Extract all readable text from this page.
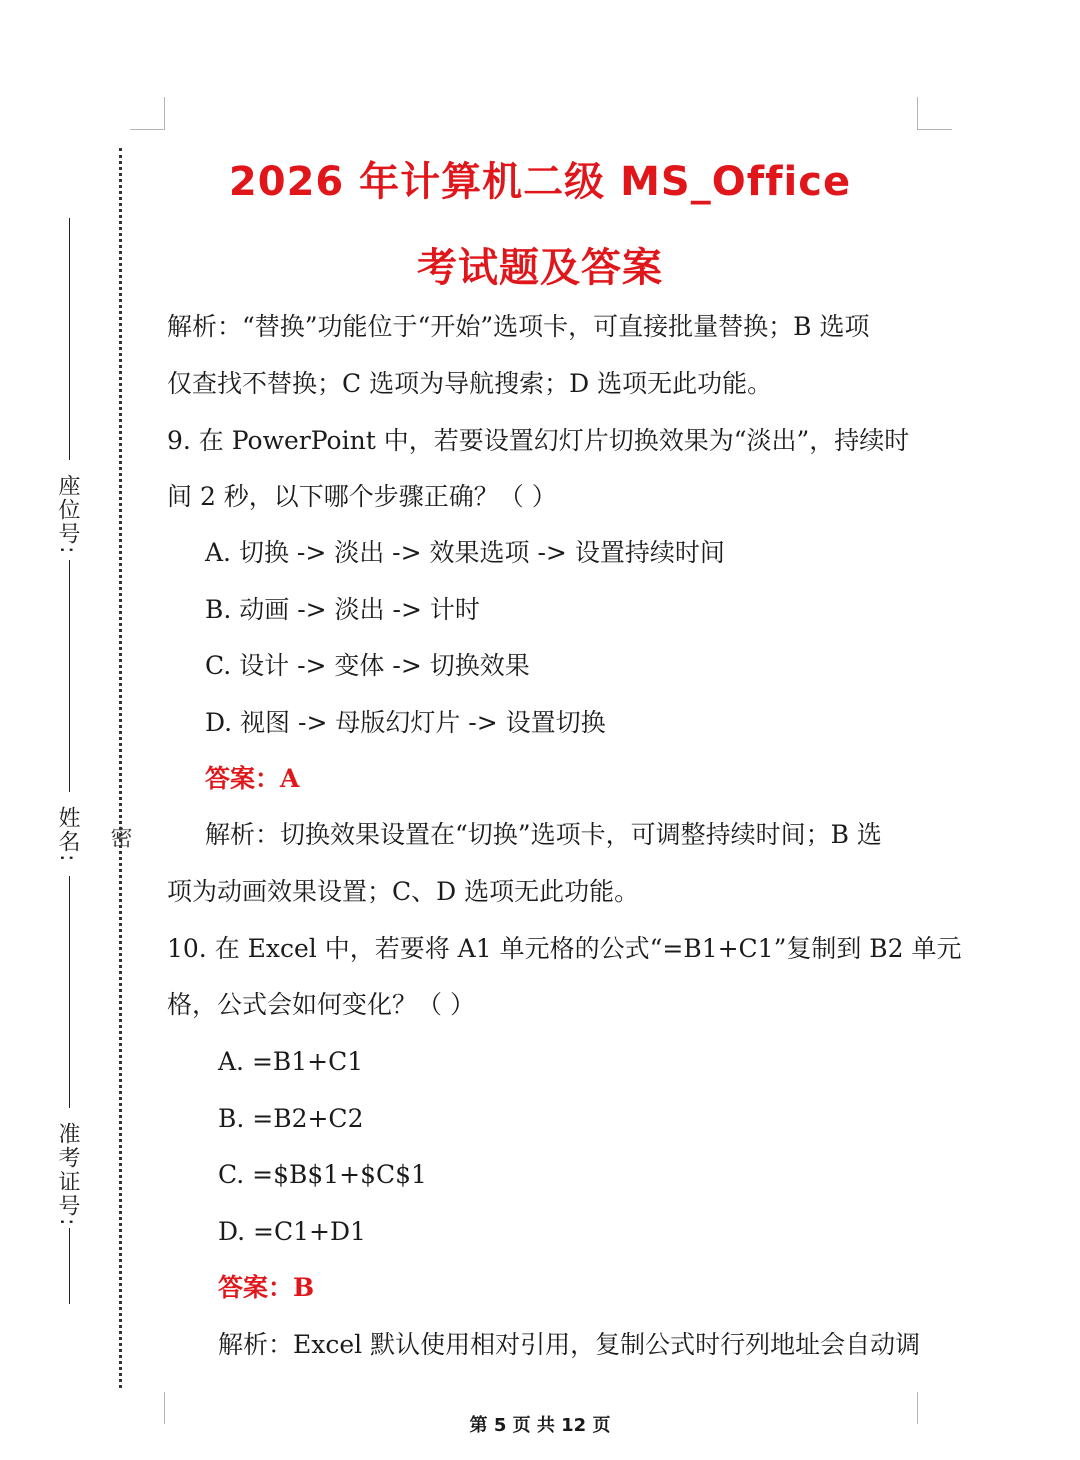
座位号:
姓名:
准考证号:
密
2026 年计算机二级 MS_Office
考试题及答案
解析：“替换”功能位于“开始”选项卡，可直接批量替换；B 选项
仅查找不替换；C 选项为导航搜索；D 选项无此功能。
9. 在 PowerPoint 中，若要设置幻灯片切换效果为“淡出”，持续时
间 2 秒，以下哪个步骤正确？（ ）
A. 切换 -> 淡出 -> 效果选项 -> 设置持续时间
B. 动画 -> 淡出 -> 计时
C. 设计 -> 变体 -> 切换效果
D. 视图 -> 母版幻灯片 -> 设置切换
答案：A
解析：切换效果设置在“切换”选项卡，可调整持续时间；B 选
项为动画效果设置；C、D 选项无此功能。
10. 在 Excel 中，若要将 A1 单元格的公式“=B1+C1”复制到 B2 单元
格，公式会如何变化？（ ）
A. =B1+C1
B. =B2+C2
C. =$B$1+$C$1
D. =C1+D1
答案：B
解析：Excel 默认使用相对引用，复制公式时行列地址会自动调
第 5 页 共 12 页
